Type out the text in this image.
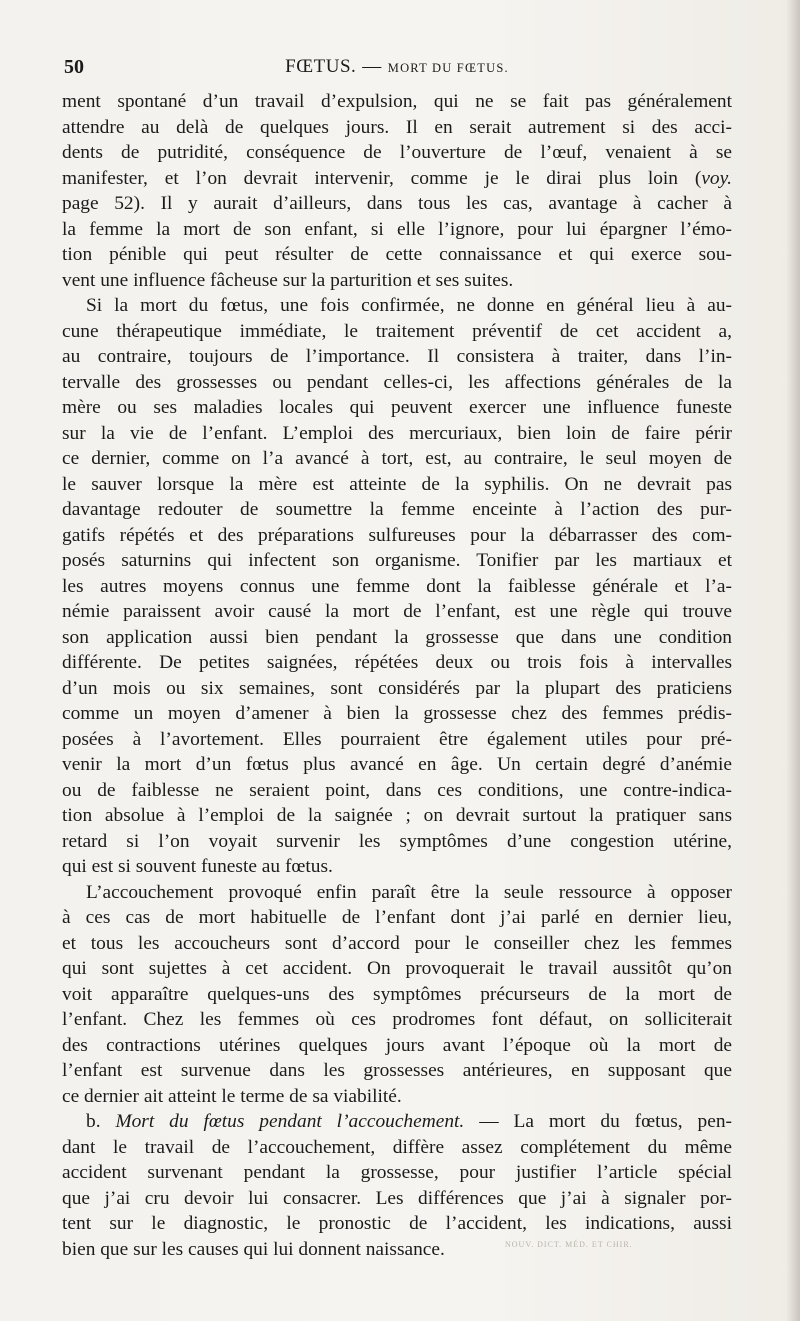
50	FŒTUS. — MORT DU FŒTUS.
ment spontané d’un travail d’expulsion, qui ne se fait pas généralement
attendre au delà de quelques jours. Il en serait autrement si des acci-
dents de putridité, conséquence de l’ouverture de l’œuf, venaient à se
manifester, et l’on devrait intervenir, comme je le dirai plus loin (voy.
page 52). Il y aurait d’ailleurs, dans tous les cas, avantage à cacher à
la femme la mort de son enfant, si elle l’ignore, pour lui épargner l’émo-
tion pénible qui peut résulter de cette connaissance et qui exerce sou-
vent une influence fâcheuse sur la parturition et ses suites.
Si la mort du fœtus, une fois confirmée, ne donne en général lieu à au-
cune thérapeutique immédiate, le traitement préventif de cet accident a,
au contraire, toujours de l’importance. Il consistera à traiter, dans l’in-
tervalle des grossesses ou pendant celles-ci, les affections générales de la
mère ou ses maladies locales qui peuvent exercer une influence funeste
sur la vie de l’enfant. L’emploi des mercuriaux, bien loin de faire périr
ce dernier, comme on l’a avancé à tort, est, au contraire, le seul moyen de
le sauver lorsque la mère est atteinte de la syphilis. On ne devrait pas
davantage redouter de soumettre la femme enceinte à l’action des pur-
gatifs répétés et des préparations sulfureuses pour la débarrasser des com-
posés saturnins qui infectent son organisme. Tonifier par les martiaux et
les autres moyens connus une femme dont la faiblesse générale et l’a-
némie paraissent avoir causé la mort de l’enfant, est une règle qui trouve
son application aussi bien pendant la grossesse que dans une condition
différente. De petites saignées, répétées deux ou trois fois à intervalles
d’un mois ou six semaines, sont considérés par la plupart des praticiens
comme un moyen d’amener à bien la grossesse chez des femmes prédis-
posées à l’avortement. Elles pourraient être également utiles pour pré-
venir la mort d’un fœtus plus avancé en âge. Un certain degré d’anémie
ou de faiblesse ne seraient point, dans ces conditions, une contre-indica-
tion absolue à l’emploi de la saignée ; on devrait surtout la pratiquer sans
retard si l’on voyait survenir les symptômes d’une congestion utérine,
qui est si souvent funeste au fœtus.
L’accouchement provoqué enfin paraît être la seule ressource à opposer
à ces cas de mort habituelle de l’enfant dont j’ai parlé en dernier lieu,
et tous les accoucheurs sont d’accord pour le conseiller chez les femmes
qui sont sujettes à cet accident. On provoquerait le travail aussitôt qu’on
voit apparaître quelques-uns des symptômes précurseurs de la mort de
l’enfant. Chez les femmes où ces prodromes font défaut, on solliciterait
des contractions utérines quelques jours avant l’époque où la mort de
l’enfant est survenue dans les grossesses antérieures, en supposant que
ce dernier ait atteint le terme de sa viabilité.
b. Mort du fœtus pendant l’accouchement. — La mort du fœtus, pen-
dant le travail de l’accouchement, diffère assez complétement du même
accident survenant pendant la grossesse, pour justifier l’article spécial
que j’ai cru devoir lui consacrer. Les différences que j’ai à signaler por-
tent sur le diagnostic, le pronostic de l’accident, les indications, aussi
bien que sur les causes qui lui donnent naissance.	NOUV. DICT. MÉD. ET CHIR.
